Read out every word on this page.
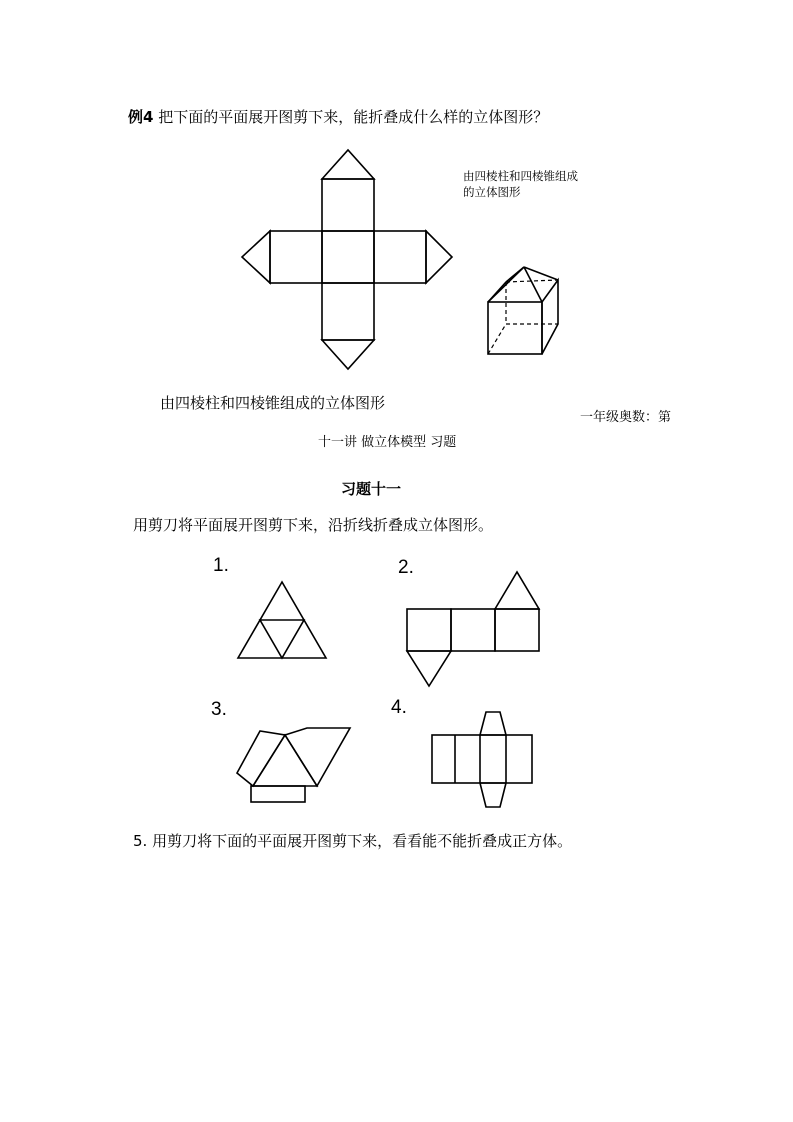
例4 把下面的平面展开图剪下来，能折叠成什么样的立体图形？
由四棱柱和四棱锥组成的立体图形
由四棱柱和四棱锥组成的立体图形
一年级奥数：第
十一讲 做立体模型 习题
习题十一
用剪刀将平面展开图剪下来，沿折线折叠成立体图形。
1.	2.
3.	4.
5. 用剪刀将下面的平面展开图剪下来，看看能不能折叠成正方体。
